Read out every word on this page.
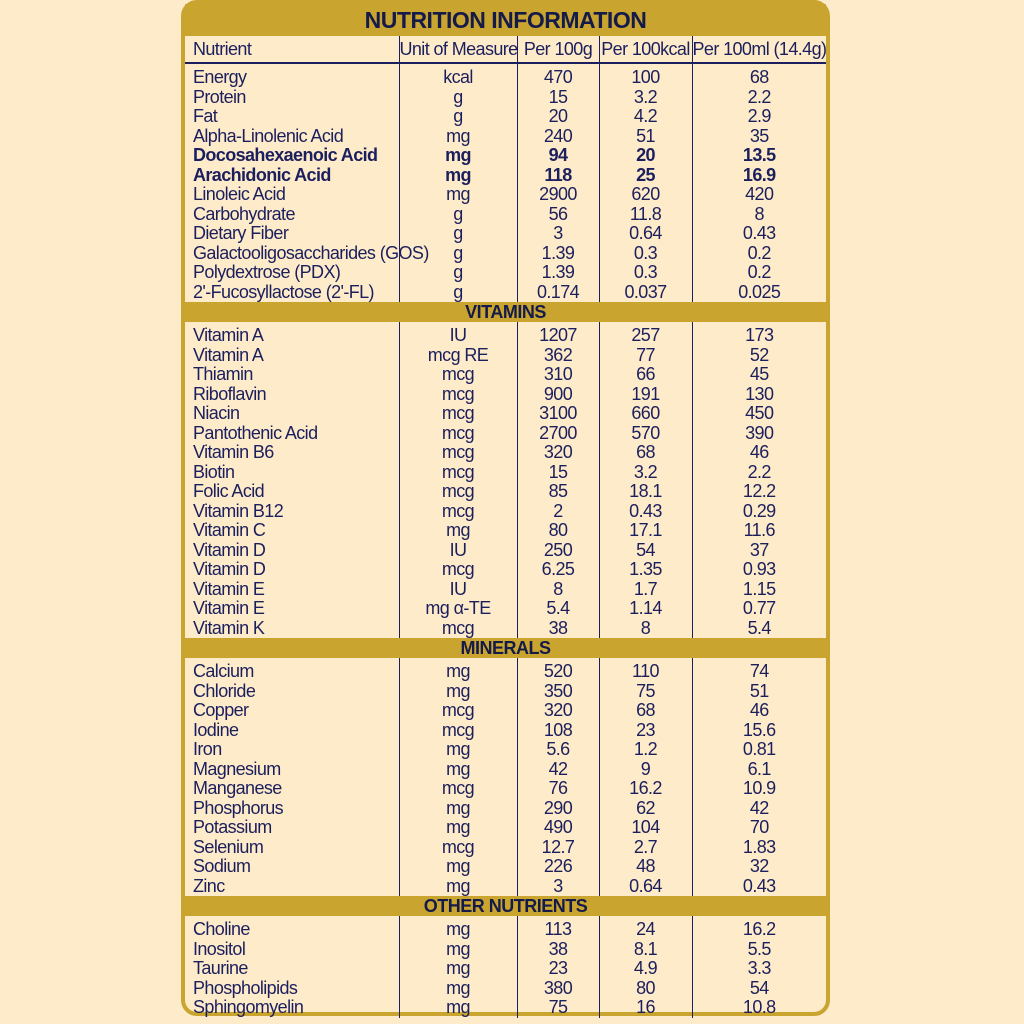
NUTRITION INFORMATION
Nutrient	Unit of Measure	Per 100g	Per 100kcal	Per 100ml (14.4g)
Energy	kcal	470	100	68
Protein	g	15	3.2	2.2
Fat	g	20	4.2	2.9
Alpha-Linolenic Acid	mg	240	51	35
Docosahexaenoic Acid	mg	94	20	13.5
Arachidonic Acid	mg	118	25	16.9
Linoleic Acid	mg	2900	620	420
Carbohydrate	g	56	11.8	8
Dietary Fiber	g	3	0.64	0.43
Galactooligosaccharides (GOS)	g	1.39	0.3	0.2
Polydextrose (PDX)	g	1.39	0.3	0.2
2'-Fucosyllactose (2'-FL)	g	0.174	0.037	0.025
VITAMINS				
Vitamin A	IU	1207	257	173
Vitamin A	mcg RE	362	77	52
Thiamin	mcg	310	66	45
Riboflavin	mcg	900	191	130
Niacin	mcg	3100	660	450
Pantothenic Acid	mcg	2700	570	390
Vitamin B6	mcg	320	68	46
Biotin	mcg	15	3.2	2.2
Folic Acid	mcg	85	18.1	12.2
Vitamin B12	mcg	2	0.43	0.29
Vitamin C	mg	80	17.1	11.6
Vitamin D	IU	250	54	37
Vitamin D	mcg	6.25	1.35	0.93
Vitamin E	IU	8	1.7	1.15
Vitamin E	mg α-TE	5.4	1.14	0.77
Vitamin K	mcg	38	8	5.4
MINERALS				
Calcium	mg	520	110	74
Chloride	mg	350	75	51
Copper	mcg	320	68	46
Iodine	mcg	108	23	15.6
Iron	mg	5.6	1.2	0.81
Magnesium	mg	42	9	6.1
Manganese	mcg	76	16.2	10.9
Phosphorus	mg	290	62	42
Potassium	mg	490	104	70
Selenium	mcg	12.7	2.7	1.83
Sodium	mg	226	48	32
Zinc	mg	3	0.64	0.43
OTHER NUTRIENTS				
Choline	mg	113	24	16.2
Inositol	mg	38	8.1	5.5
Taurine	mg	23	4.9	3.3
Phospholipids	mg	380	80	54
Sphingomyelin	mg	75	16	10.8
